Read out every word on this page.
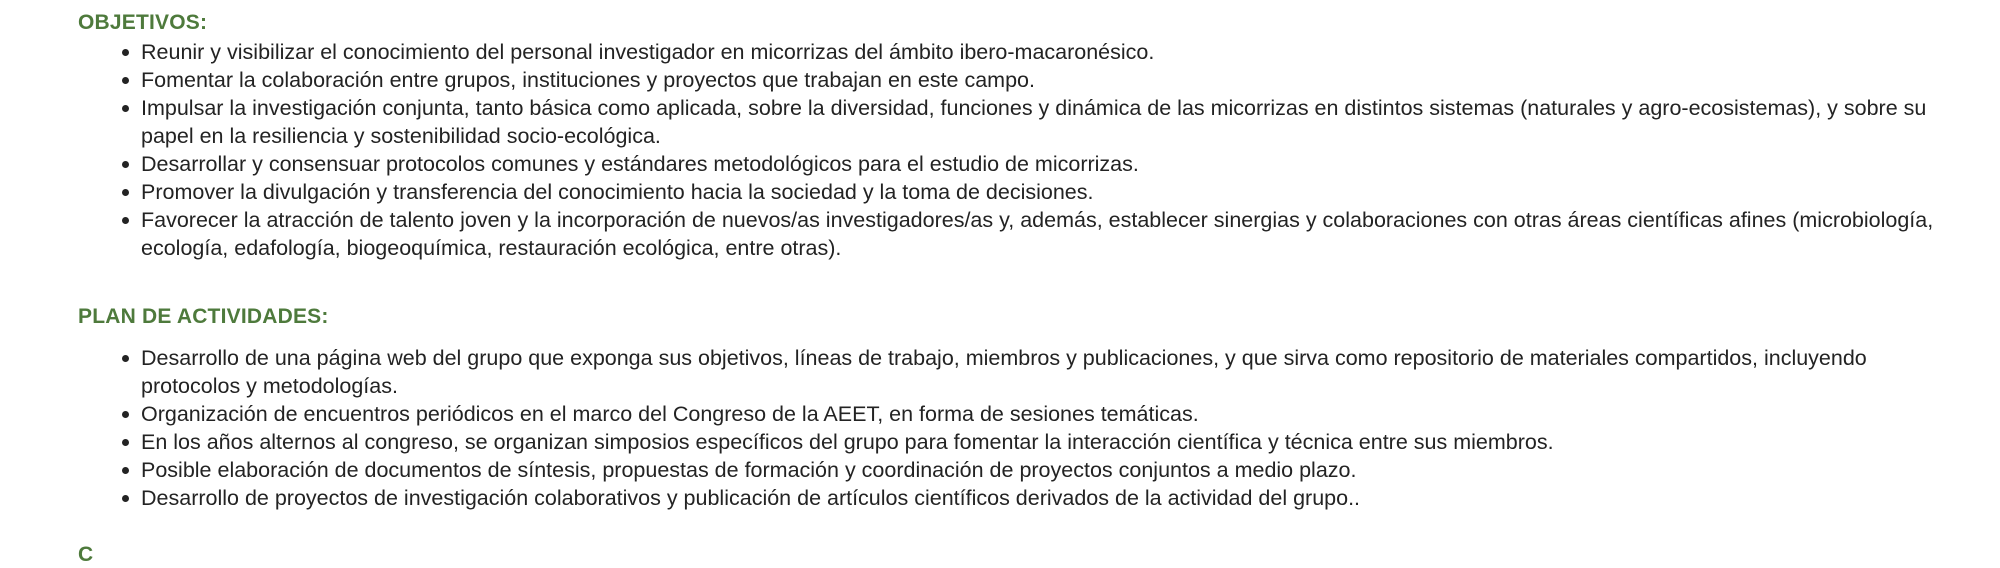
OBJETIVOS:
Reunir y visibilizar el conocimiento del personal investigador en micorrizas del ámbito ibero-macaronésico.
Fomentar la colaboración entre grupos, instituciones y proyectos que trabajan en este campo.
Impulsar la investigación conjunta, tanto básica como aplicada, sobre la diversidad, funciones y dinámica de las micorrizas en distintos sistemas (naturales y agro-ecosistemas), y sobre su papel en la resiliencia y sostenibilidad socio-ecológica.
Desarrollar y consensuar protocolos comunes y estándares metodológicos para el estudio de micorrizas.
Promover la divulgación y transferencia del conocimiento hacia la sociedad y la toma de decisiones.
Favorecer la atracción de talento joven y la incorporación de nuevos/as investigadores/as y, además, establecer sinergias y colaboraciones con otras áreas científicas afines (microbiología, ecología, edafología, biogeoquímica, restauración ecológica, entre otras).
PLAN DE ACTIVIDADES:
Desarrollo de una página web del grupo que exponga sus objetivos, líneas de trabajo, miembros y publicaciones, y que sirva como repositorio de materiales compartidos, incluyendo protocolos y metodologías.
Organización de encuentros periódicos en el marco del Congreso de la AEET, en forma de sesiones temáticas.
En los años alternos al congreso, se organizan simposios específicos del grupo para fomentar la interacción científica y técnica entre sus miembros.
Posible elaboración de documentos de síntesis, propuestas de formación y coordinación de proyectos conjuntos a medio plazo.
Desarrollo de proyectos de investigación colaborativos y publicación de artículos científicos derivados de la actividad del grupo..
C
